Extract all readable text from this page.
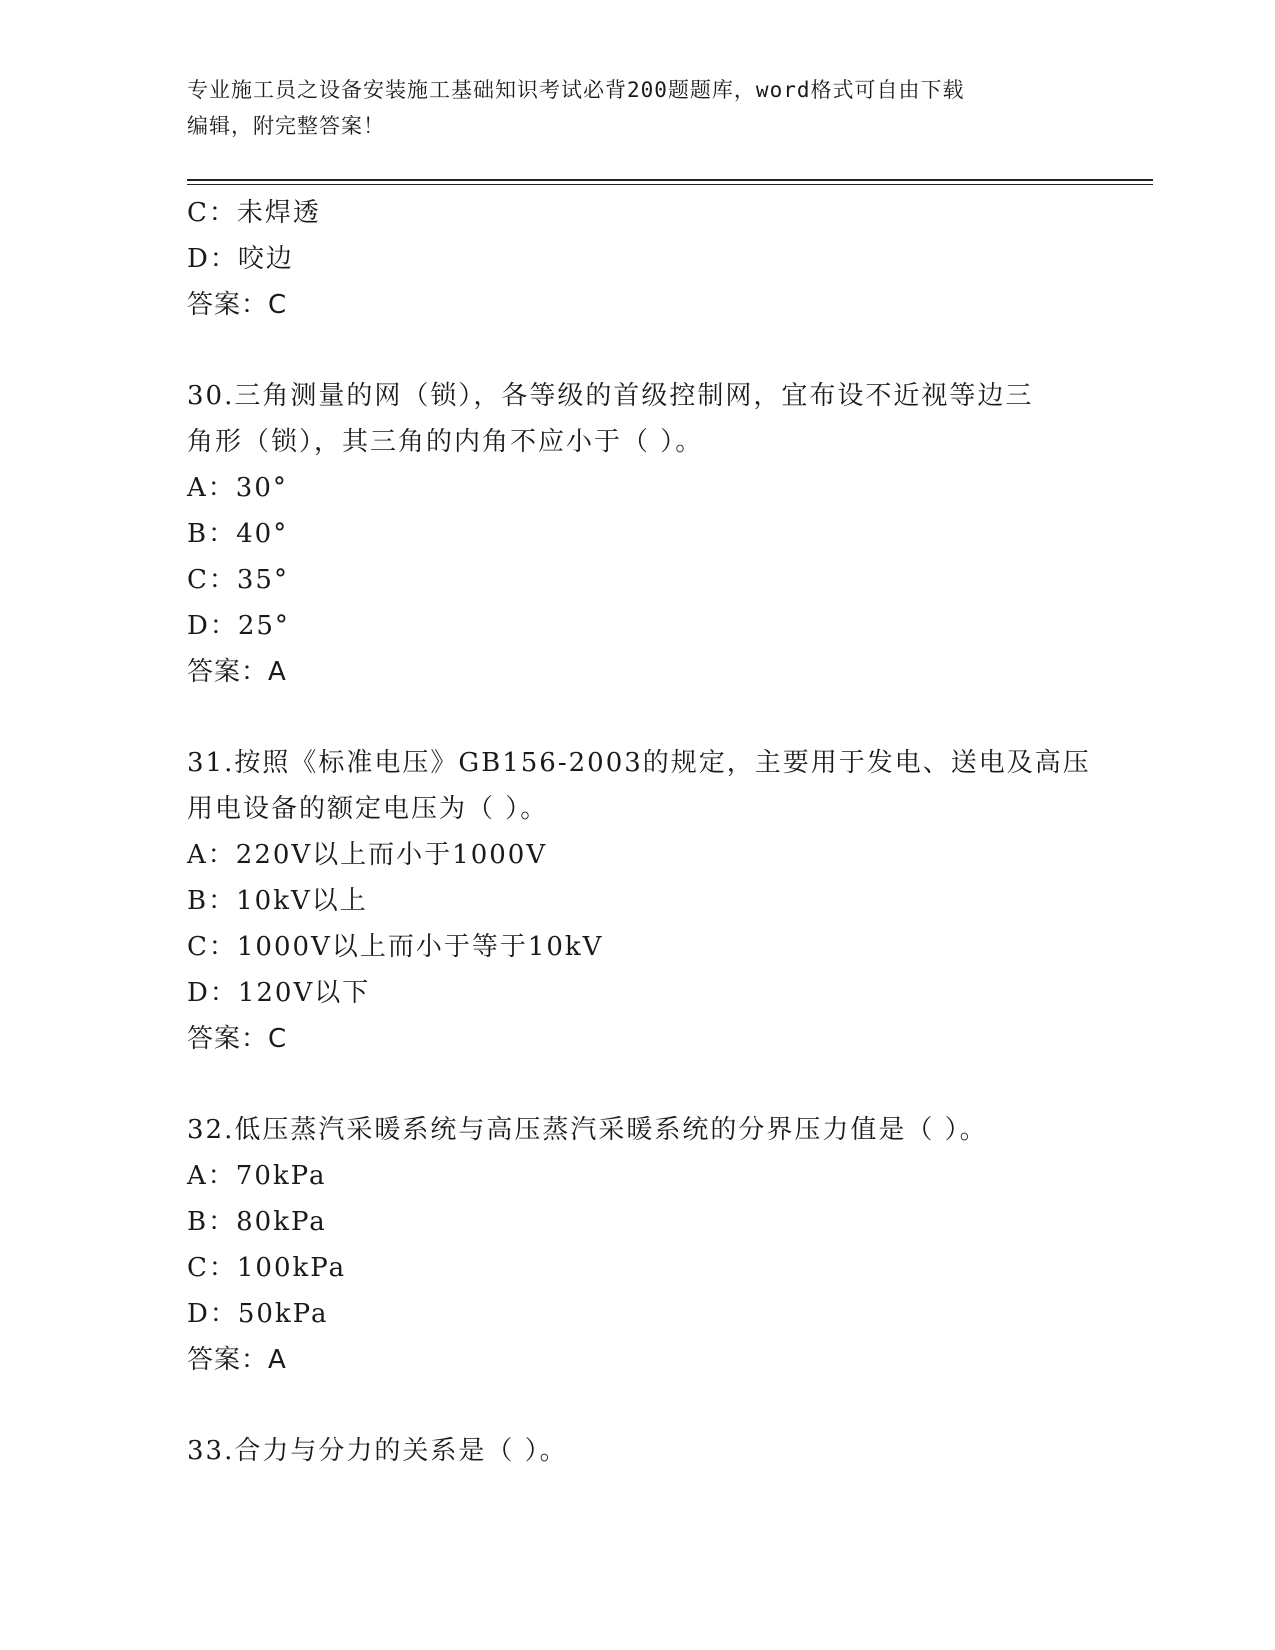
专业施工员之设备安装施工基础知识考试必背200题题库，word格式可自由下载
编辑，附完整答案！
C：未焊透
D：咬边
答案：C
30.三角测量的网（锁），各等级的首级控制网，宜布设不近视等边三
角形（锁），其三角的内角不应小于（ ）。
A：30°
B：40°
C：35°
D：25°
答案：A
31.按照《标准电压》GB156-2003的规定，主要用于发电、送电及高压
用电设备的额定电压为（ ）。
A：220V以上而小于1000V
B：10kV以上
C：1000V以上而小于等于10kV
D：120V以下
答案：C
32.低压蒸汽采暖系统与高压蒸汽采暖系统的分界压力值是（ ）。
A：70kPa
B：80kPa
C：100kPa
D：50kPa
答案：A
33.合力与分力的关系是（ ）。
